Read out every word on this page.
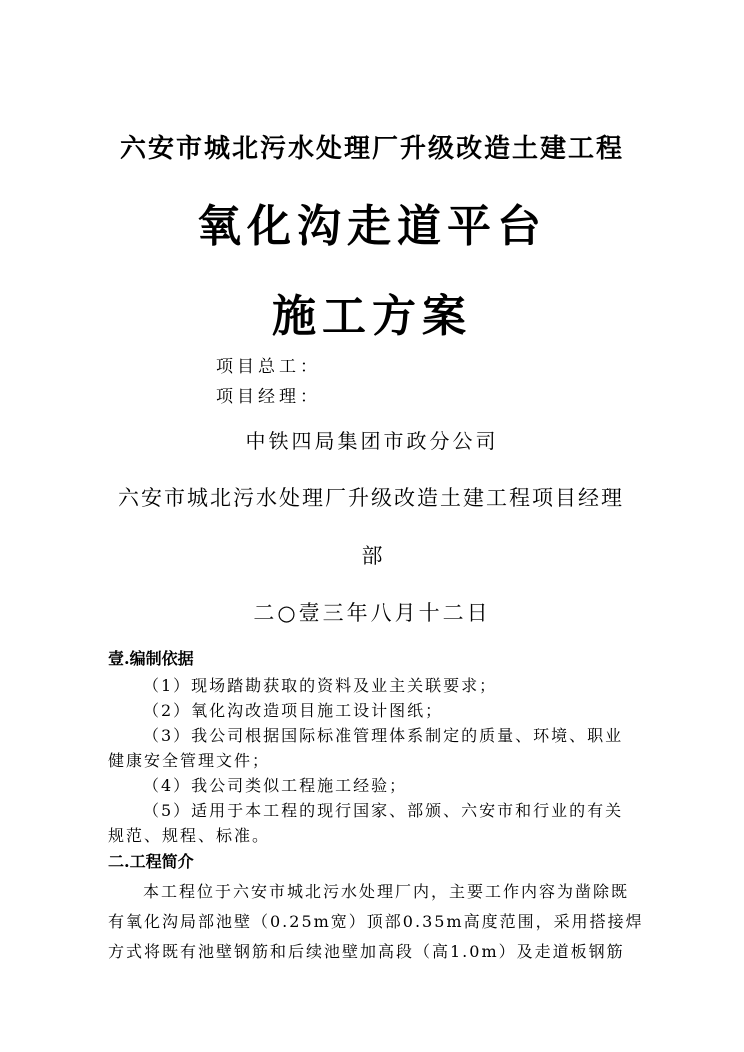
六安市城北污水处理厂升级改造土建工程
氧化沟走道平台
施工方案
项目总工：
项目经理：
中铁四局集团市政分公司
六安市城北污水处理厂升级改造土建工程项目经理
部
二○壹三年八月十二日
壹.编制依据
（1）现场踏勘获取的资料及业主关联要求；
（2）氧化沟改造项目施工设计图纸；
（3）我公司根据国际标准管理体系制定的质量、环境、职业
健康安全管理文件；
（4）我公司类似工程施工经验；
（5）适用于本工程的现行国家、部颁、六安市和行业的有关
规范、规程、标准。
二.工程简介
本工程位于六安市城北污水处理厂内，主要工作内容为凿除既
有氧化沟局部池壁（0.25m宽）顶部0.35m高度范围，采用搭接焊
方式将既有池壁钢筋和后续池壁加高段（高1.0m）及走道板钢筋
